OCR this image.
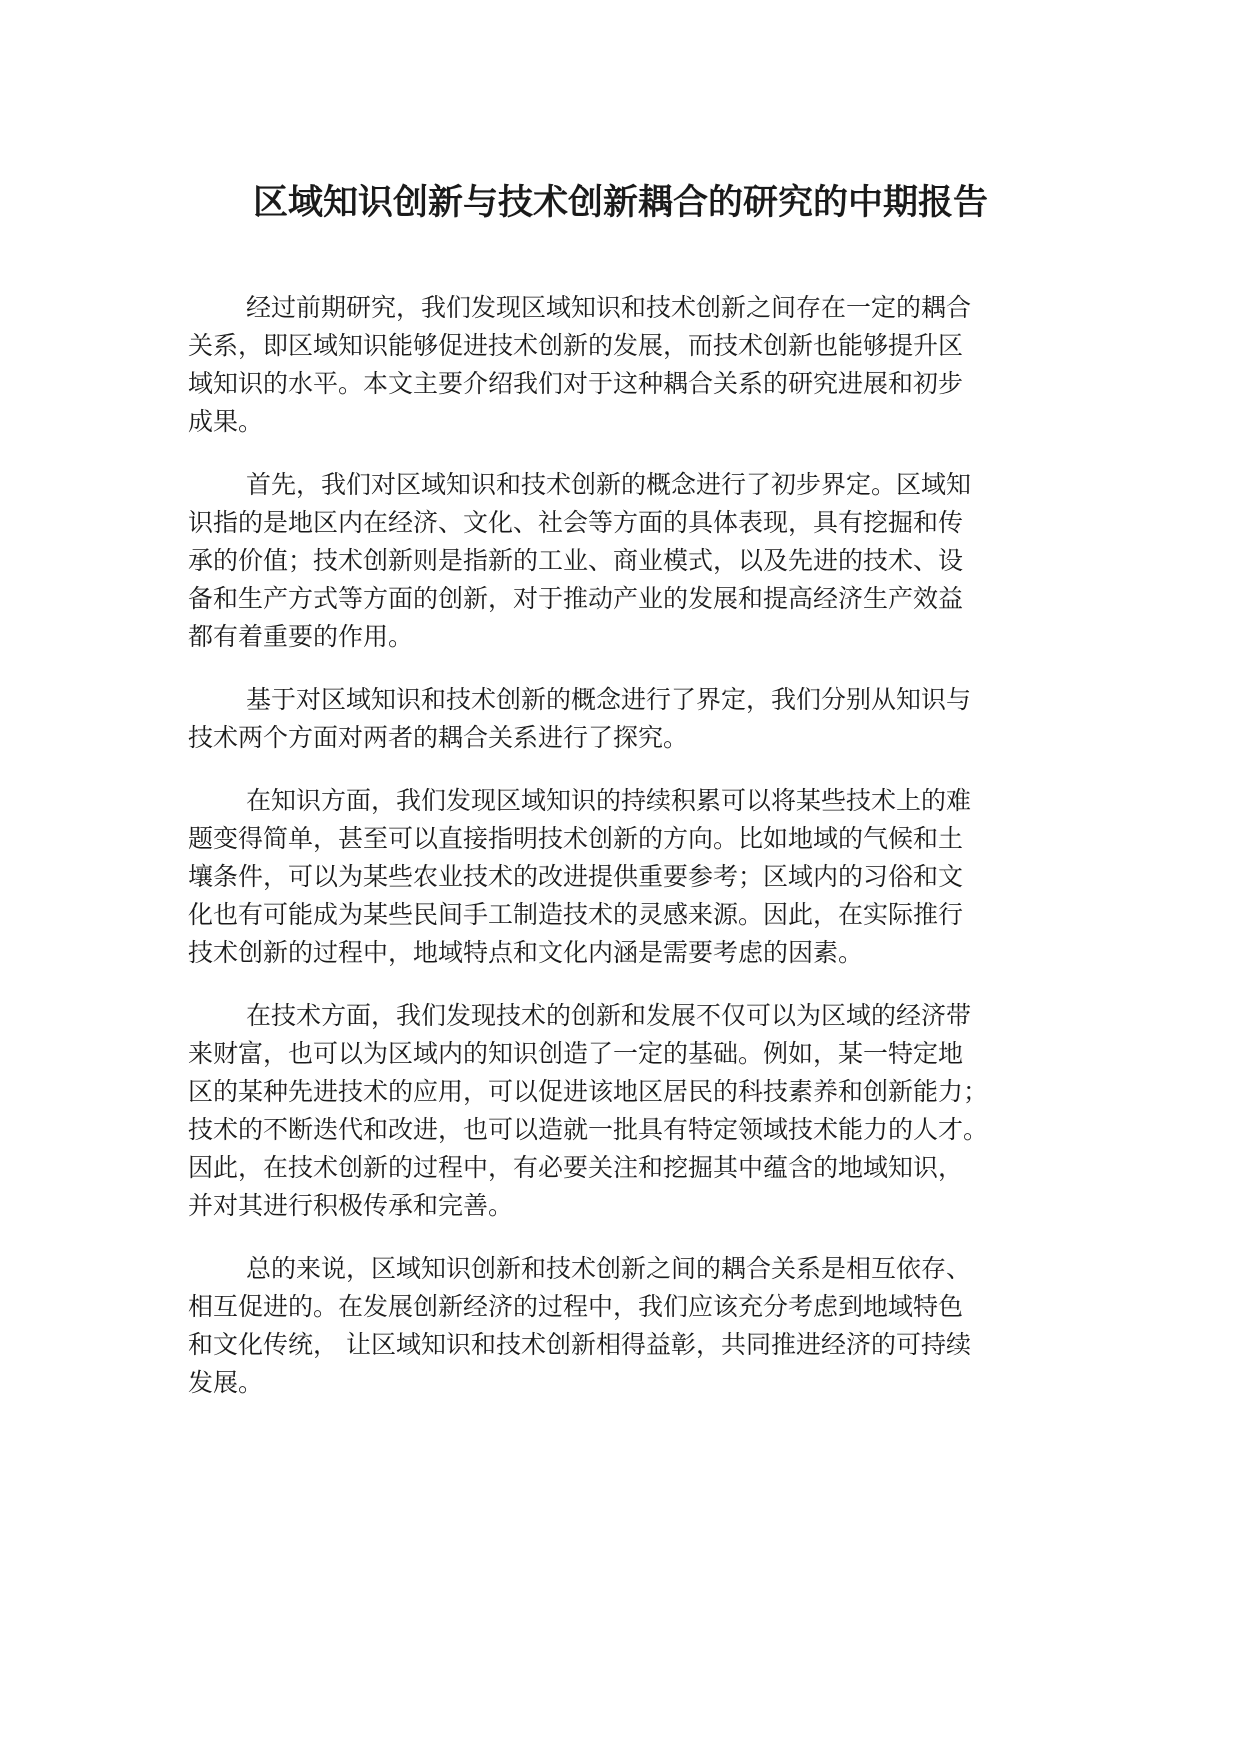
区域知识创新与技术创新耦合的研究的中期报告

经过前期研究，我们发现区域知识和技术创新之间存在一定的耦合
关系，即区域知识能够促进技术创新的发展，而技术创新也能够提升区
域知识的水平。本文主要介绍我们对于这种耦合关系的研究进展和初步
成果。

首先，我们对区域知识和技术创新的概念进行了初步界定。区域知
识指的是地区内在经济、文化、社会等方面的具体表现，具有挖掘和传
承的价值；技术创新则是指新的工业、商业模式，以及先进的技术、设
备和生产方式等方面的创新，对于推动产业的发展和提高经济生产效益
都有着重要的作用。

基于对区域知识和技术创新的概念进行了界定，我们分别从知识与
技术两个方面对两者的耦合关系进行了探究。

在知识方面，我们发现区域知识的持续积累可以将某些技术上的难
题变得简单，甚至可以直接指明技术创新的方向。比如地域的气候和土
壤条件，可以为某些农业技术的改进提供重要参考；区域内的习俗和文
化也有可能成为某些民间手工制造技术的灵感来源。因此，在实际推行
技术创新的过程中，地域特点和文化内涵是需要考虑的因素。

在技术方面，我们发现技术的创新和发展不仅可以为区域的经济带
来财富，也可以为区域内的知识创造了一定的基础。例如，某一特定地
区的某种先进技术的应用，可以促进该地区居民的科技素养和创新能力；
技术的不断迭代和改进，也可以造就一批具有特定领域技术能力的人才。
因此，在技术创新的过程中，有必要关注和挖掘其中蕴含的地域知识，
并对其进行积极传承和完善。

总的来说，区域知识创新和技术创新之间的耦合关系是相互依存、
相互促进的。在发展创新经济的过程中，我们应该充分考虑到地域特色
和文化传统， 让区域知识和技术创新相得益彰，共同推进经济的可持续
发展。
